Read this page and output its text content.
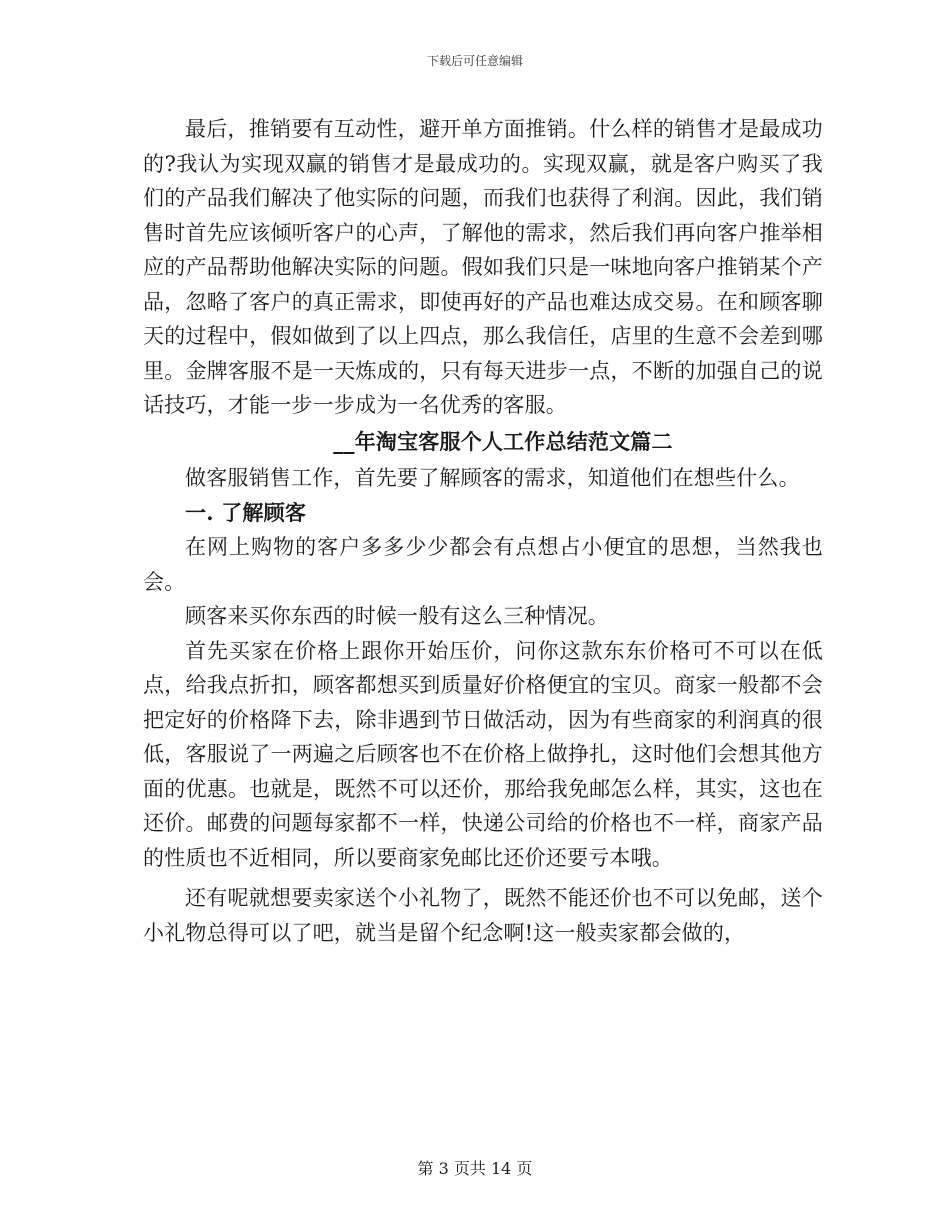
下载后可任意编辑

最后，推销要有互动性，避开单方面推销。什么样的销售才是最成功的?我认为实现双赢的销售才是最成功的。实现双赢，就是客户购买了我们的产品我们解决了他实际的问题，而我们也获得了利润。因此，我们销售时首先应该倾听客户的心声，了解他的需求，然后我们再向客户推举相应的产品帮助他解决实际的问题。假如我们只是一味地向客户推销某个产品，忽略了客户的真正需求，即使再好的产品也难达成交易。在和顾客聊天的过程中，假如做到了以上四点，那么我信任，店里的生意不会差到哪里。金牌客服不是一天炼成的，只有每天进步一点，不断的加强自己的说话技巧，才能一步一步成为一名优秀的客服。

__年淘宝客服个人工作总结范文篇二

做客服销售工作，首先要了解顾客的需求，知道他们在想些什么。

一. 了解顾客

在网上购物的客户多多少少都会有点想占小便宜的思想，当然我也会。

顾客来买你东西的时候一般有这么三种情况。

首先买家在价格上跟你开始压价，问你这款东东价格可不可以在低点，给我点折扣，顾客都想买到质量好价格便宜的宝贝。商家一般都不会把定好的价格降下去，除非遇到节日做活动，因为有些商家的利润真的很低，客服说了一两遍之后顾客也不在价格上做挣扎，这时他们会想其他方面的优惠。也就是，既然不可以还价，那给我免邮怎么样，其实，这也在还价。邮费的问题每家都不一样，快递公司给的价格也不一样，商家产品的性质也不近相同，所以要商家免邮比还价还要亏本哦。

还有呢就想要卖家送个小礼物了，既然不能还价也不可以免邮，送个小礼物总得可以了吧，就当是留个纪念啊!这一般卖家都会做的，

第 3 页共 14 页
